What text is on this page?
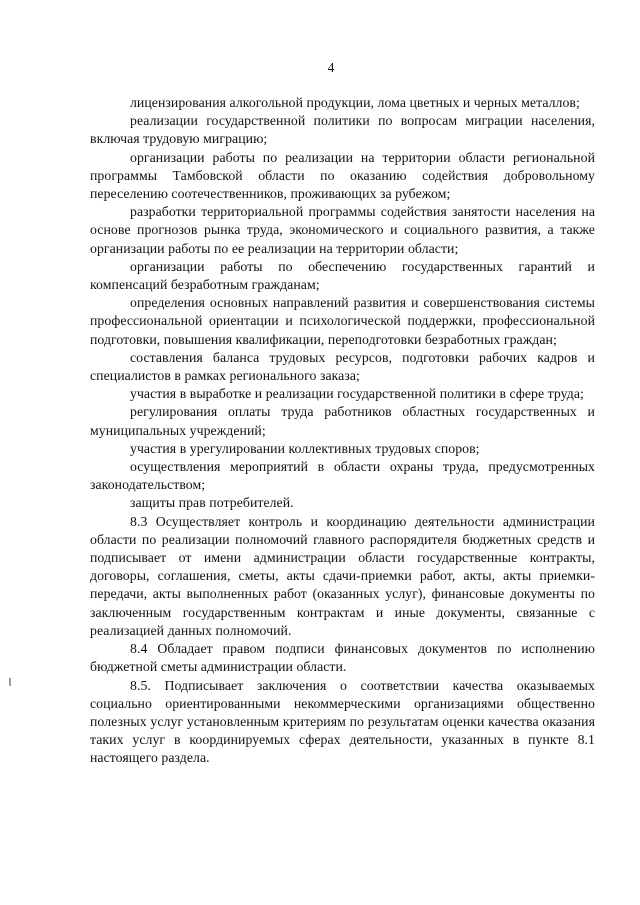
4

лицензирования алкогольной продукции, лома цветных и черных металлов;

реализации государственной политики по вопросам миграции населения, включая трудовую миграцию;

организации работы по реализации на территории области региональной программы Тамбовской области по оказанию содействия добровольному переселению соотечественников, проживающих за рубежом;

разработки территориальной программы содействия занятости населения на основе прогнозов рынка труда, экономического и социального развития, а также организации работы по ее реализации на территории области;

организации работы по обеспечению государственных гарантий и компенсаций безработным гражданам;

определения основных направлений развития и совершенствования системы профессиональной ориентации и психологической поддержки, профессиональной подготовки, повышения квалификации, переподготовки безработных граждан;

составления баланса трудовых ресурсов, подготовки рабочих кадров и специалистов в рамках регионального заказа;

участия в выработке и реализации государственной политики в сфере труда;

регулирования оплаты труда работников областных государственных и муниципальных учреждений;

участия в урегулировании коллективных трудовых споров;

осуществления мероприятий в области охраны труда, предусмотренных законодательством;

защиты прав потребителей.

8.3 Осуществляет контроль и координацию деятельности администрации области по реализации полномочий главного распорядителя бюджетных средств и подписывает от имени администрации области государственные контракты, договоры, соглашения, сметы, акты сдачи-приемки работ, акты, акты приемки-передачи, акты выполненных работ (оказанных услуг), финансовые документы по заключенным государственным контрактам и иные документы, связанные с реализацией данных полномочий.

8.4 Обладает правом подписи финансовых документов по исполнению бюджетной сметы администрации области.

8.5. Подписывает заключения о соответствии качества оказываемых социально ориентированными некоммерческими организациями общественно полезных услуг установленным критериям по результатам оценки качества оказания таких услуг в координируемых сферах деятельности, указанных в пункте 8.1 настоящего раздела.
